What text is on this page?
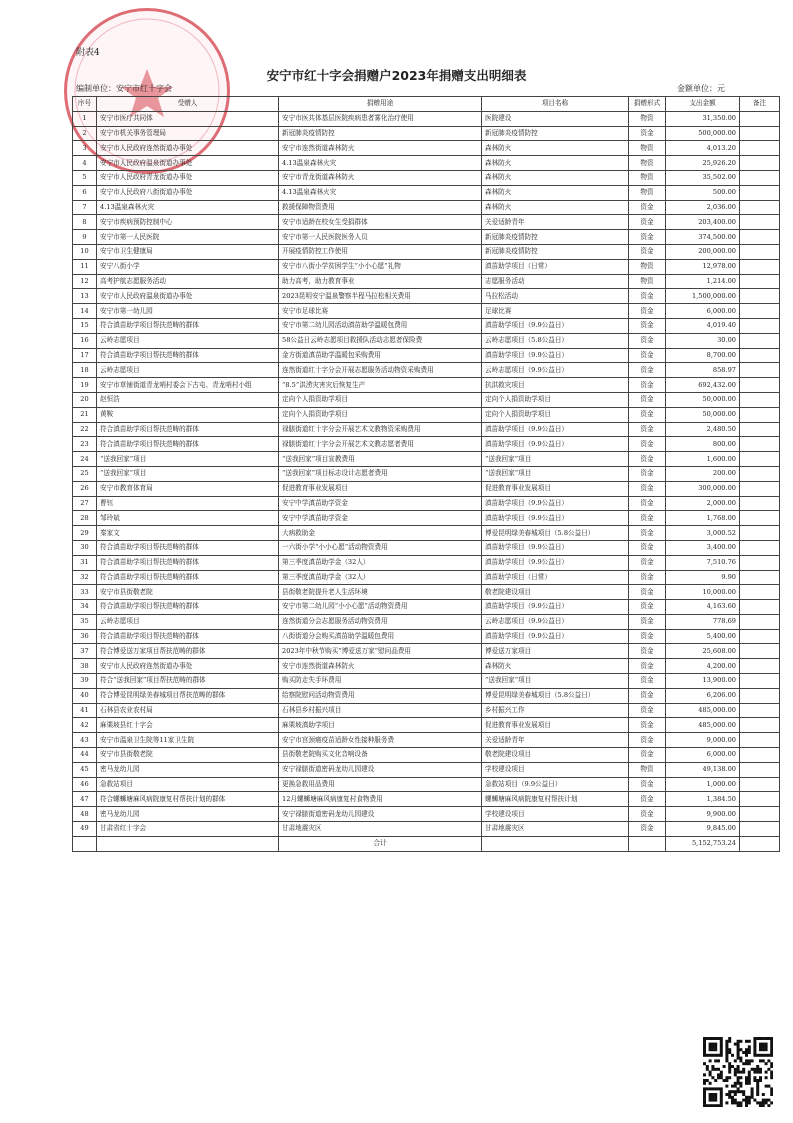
附表4
安宁市红十字会捐赠户2023年捐赠支出明细表
编制单位：安宁市红十字会	金额单位：元
序号	受赠人	捐赠用途	项目名称	捐赠形式	支出金额	备注
1	安宁市医疗共同体	安宁市医共体基层医院疾病患者雾化治疗使用	医院建设	物资	31,350.00	
2	安宁市机关事务管理局	新冠肺炎疫情防控	新冠肺炎疫情防控	资金	500,000.00	
3	安宁市人民政府连然街道办事处	安宁市连然街道森林防火	森林防火	物资	4,013.20	
4	安宁市人民政府温泉街道办事处	4.13温泉森林火灾	森林防火	物资	25,926.20	
5	安宁市人民政府青龙街道办事处	安宁市青龙街道森林防火	森林防火	物资	35,502.00	
6	安宁市人民政府八街街道办事处	4.13温泉森林火灾	森林防火	物资	500.00	
7	4.13温泉森林火灾	救援保障物资费用	森林防火	资金	2,036.00	
8	安宁市疾病预防控制中心	安宁市适龄在校女生受捐群体	关爱适龄青年	资金	203,400.00	
9	安宁市第一人民医院	安宁市第一人民医院医务人员	新冠肺炎疫情防控	资金	374,500.00	
10	安宁市卫生健康局	开展疫情防控工作使用	新冠肺炎疫情防控	资金	200,000.00	
11	安宁八街小学	安宁市八街小学贫困学生“小小心愿”礼物	滇苗助学项目（日常）	物资	12,978.00	
12	高考护航志愿服务活动	助力高考，助力教育事业	志愿服务活动	物资	1,214.00	
13	安宁市人民政府温泉街道办事处	2023昆明安宁温泉警察半程马拉松相关费用	马拉松活动	资金	1,500,000.00	
14	安宁市第一幼儿园	安宁市足球比赛	足球比赛	资金	6,000.00	
15	符合滇苗助学项目帮扶范畴的群体	安宁市第二幼儿园活动滇苗助学温暖包费用	滇苗助学项目（9.9公益日）	资金	4,019.40	
16	云岭志愿项目	58公益日云岭志愿项目救援队活动志愿者保险费	云岭志愿项目（5.8公益日）	资金	30.00	
17	符合滇苗助学项目帮扶范畴的群体	金方街道滇苗助学温暖包采购费用	滇苗助学项目（9.9公益日）	资金	8,700.00	
18	云岭志愿项目	连然街道红十字分会开展志愿服务活动物资采购费用	云岭志愿项目（9.9公益日）	资金	858.97	
19	安宁市草铺街道青龙哨村委会下古屯、青龙哨村小组	“8.5”洪涝灾害灾后恢复生产	抗洪救灾项目	资金	692,432.00	
20	赵恒浩	定向个人捐资助学项目	定向个人捐资助学项目	资金	50,000.00	
21	黄鞍	定向个人捐资助学项目	定向个人捐资助学项目	资金	50,000.00	
22	符合滇苗助学项目帮扶范畴的群体	禄脿街道红十字分会开展艺术文教物资采购费用	滇苗助学项目（9.9公益日）	资金	2,480.50	
23	符合滇苗助学项目帮扶范畴的群体	禄脿街道红十字分会开展艺术文教志愿者费用	滇苗助学项目（9.9公益日）	资金	800.00	
24	“送我回家”项目	“送我回家”项目宣教费用	“送我回家”项目	资金	1,600.00	
25	“送我回家”项目	“送我回家”项目标志设计志愿者费用	“送我回家”项目	资金	200.00	
26	安宁市教育体育局	促进教育事业发展项目	促进教育事业发展项目	资金	300,000.00	
27	曹钰	安宁中学滇苗助学资金	滇苗助学项目（9.9公益日）	资金	2,000.00	
28	邹玲斌	安宁中学滇苗助学资金	滇苗助学项目（9.9公益日）	资金	1,768.00	
29	秦家文	大病救助金	博爱昆明绿美春城项目（5.8公益日）	资金	3,000.52	
30	符合滇苗助学项目帮扶范畴的群体	一六街小学“小小心愿”活动物资费用	滇苗助学项目（9.9公益日）	资金	3,400.00	
31	符合滇苗助学项目帮扶范畴的群体	第三季度滇苗助学金（32人）	滇苗助学项目（9.9公益日）	资金	7,510.76	
32	符合滇苗助学项目帮扶范畴的群体	第三季度滇苗助学金（32人）	滇苗助学项目（日常）	资金	9.90	
33	安宁市县街敬老院	县街敬老院提升老人生活环境	敬老院建设项目	资金	10,000.00	
34	符合滇苗助学项目帮扶范畴的群体	安宁市第二幼儿园“小小心愿”活动物资费用	滇苗助学项目（9.9公益日）	资金	4,163.60	
35	云岭志愿项目	连然街道分会志愿服务活动物资费用	云岭志愿项目（9.9公益日）	资金	778.69	
36	符合滇苗助学项目帮扶范畴的群体	八街街道分会购买滇苗助学温暖包费用	滇苗助学项目（9.9公益日）	资金	5,400.00	
37	符合博爱送万家项目帮扶范畴的群体	2023年中秋节购买”博爱送万家“慰问品费用	博爱送万家项目	资金	25,608.00	
38	安宁市人民政府连然街道办事处	安宁市连然街道森林防火	森林防火	资金	4,200.00	
39	符合“送我回家”项目帮扶范畴的群体	购买防走失手环费用	“送我回家”项目	资金	13,900.00	
40	符合博爱昆明绿美春城项目帮扶范畴的群体	给察院慰问活动物资费用	博爱昆明绿美春城项目（5.8公益日）	资金	6,206.00	
41	石林县农业农村局	石林县乡村振兴项目	乡村振兴工作	资金	485,000.00	
42	麻栗坡县红十字会	麻栗坡滇助学项目	促进教育事业发展项目	资金	485,000.00	
43	安宁市温泉卫生院等11家卫生院	安宁市宫颈癌疫苗适龄女性接种服务费	关爱适龄青年	资金	9,000.00	
44	安宁市县街敬老院	县街敬老院购买文化音响设备	敬老院建设项目	资金	6,000.00	
45	密马龙幼儿园	安宁禄脿街道密码龙幼儿园建设	学校建设项目	物资	49,138.00	
46	急救站项目	更换急救用品费用	急救站项目（9.9公益日）	资金	1,000.00	
47	符合螺蛳塘麻风病院康复村帮扶计划的群体	12月螺蛳塘麻风病康复村食物费用	螺蛳塘麻风病院康复村帮扶计划	资金	1,384.50	
48	密马龙幼儿园	安宁禄脿街道密码龙幼儿园建设	学校建设项目	资金	9,900.00	
49	甘肃省红十字会	甘肃地震灾区	甘肃地震灾区	资金	9,845.00	
		合计			5,152,753.24	
